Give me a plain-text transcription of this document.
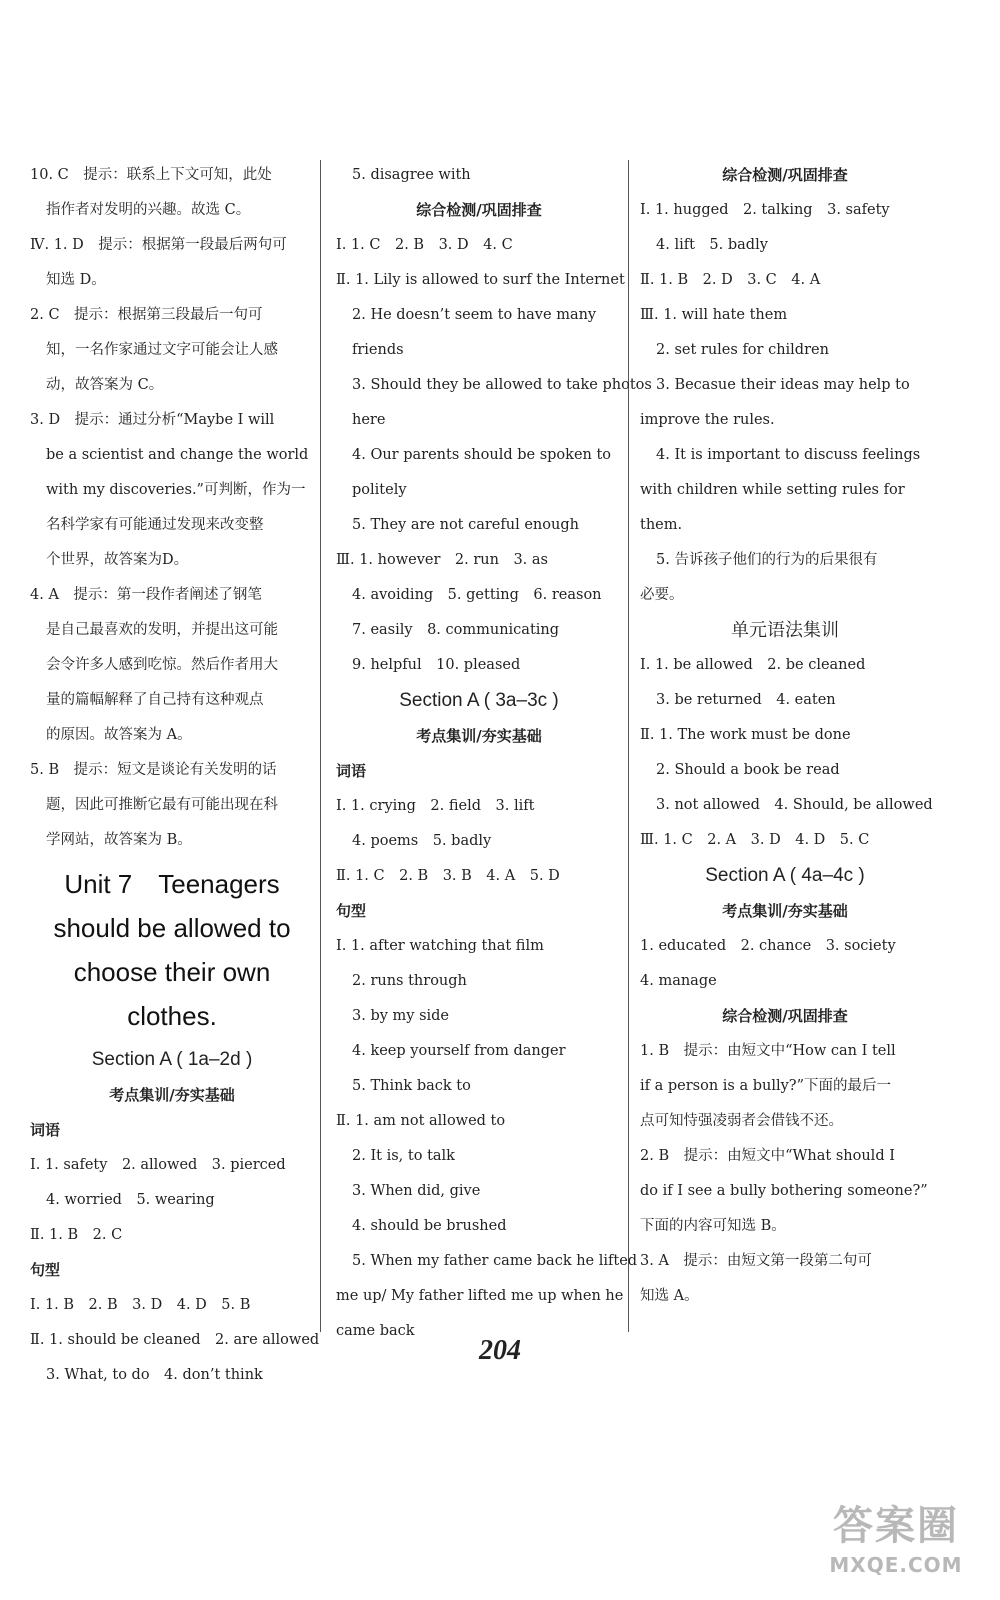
10. C　提示：联系上下文可知，此处
指作者对发明的兴趣。故选 C。
Ⅳ. 1. D　提示：根据第一段最后两句可
知选 D。
2. C　提示：根据第三段最后一句可
知，一名作家通过文字可能会让人感
动，故答案为 C。
3. D　提示：通过分析“Maybe I will
be a scientist and change the world
with my discoveries.”可判断，作为一
名科学家有可能通过发现来改变整
个世界，故答案为D。
4. A　提示：第一段作者阐述了钢笔
是自己最喜欢的发明，并提出这可能
会令许多人感到吃惊。然后作者用大
量的篇幅解释了自己持有这种观点
的原因。故答案为 A。
5. B　提示：短文是谈论有关发明的话
题，因此可推断它最有可能出现在科
学网站，故答案为 B。
Unit 7　Teenagers
should be allowed to
choose their own clothes.
Section A ( 1a–2d )
考点集训/夯实基础
词语
Ⅰ. 1. safety　2. allowed　3. pierced
4. worried　5. wearing
Ⅱ. 1. B　2. C
句型
Ⅰ. 1. B　2. B　3. D　4. D　5. B
Ⅱ. 1. should be cleaned　2. are allowed
3. What, to do　4. don’t think
5. disagree with
综合检测/巩固排查
Ⅰ. 1. C　2. B　3. D　4. C
Ⅱ. 1. Lily is allowed to surf the Internet
2. He doesn’t seem to have many
friends
3. Should they be allowed to take photos
here
4. Our parents should be spoken to
politely
5. They are not careful enough
Ⅲ. 1. however　2. run　3. as
4. avoiding　5. getting　6. reason
7. easily　8. communicating
9. helpful　10. pleased
Section A ( 3a–3c )
考点集训/夯实基础
词语
Ⅰ. 1. crying　2. field　3. lift
4. poems　5. badly
Ⅱ. 1. C　2. B　3. B　4. A　5. D
句型
Ⅰ. 1. after watching that film
2. runs through
3. by my side
4. keep yourself from danger
5. Think back to
Ⅱ. 1. am not allowed to
2. It is, to talk
3. When did, give
4. should be brushed
5. When my father came back he lifted
me up/ My father lifted me up when he
came back
综合检测/巩固排查
Ⅰ. 1. hugged　2. talking　3. safety
4. lift　5. badly
Ⅱ. 1. B　2. D　3. C　4. A
Ⅲ. 1. will hate them
2. set rules for children
3. Becasue their ideas may help to
improve the rules.
4. It is important to discuss feelings
with children while setting rules for
them.
5. 告诉孩子他们的行为的后果很有
必要。
单元语法集训
Ⅰ. 1. be allowed　2. be cleaned
3. be returned　4. eaten
Ⅱ. 1. The work must be done
2. Should a book be read
3. not allowed　4. Should, be allowed
Ⅲ. 1. C　2. A　3. D　4. D　5. C
Section A ( 4a–4c )
考点集训/夯实基础
1. educated　2. chance　3. society
4. manage
综合检测/巩固排查
1. B　提示：由短文中“How can I tell
if a person is a bully?”下面的最后一
点可知恃强凌弱者会借钱不还。
2. B　提示：由短文中“What should I
do if I see a bully bothering someone?”
下面的内容可知选 B。
3. A　提示：由短文第一段第二句可
知选 A。
204
答案圈
MXQE.COM
